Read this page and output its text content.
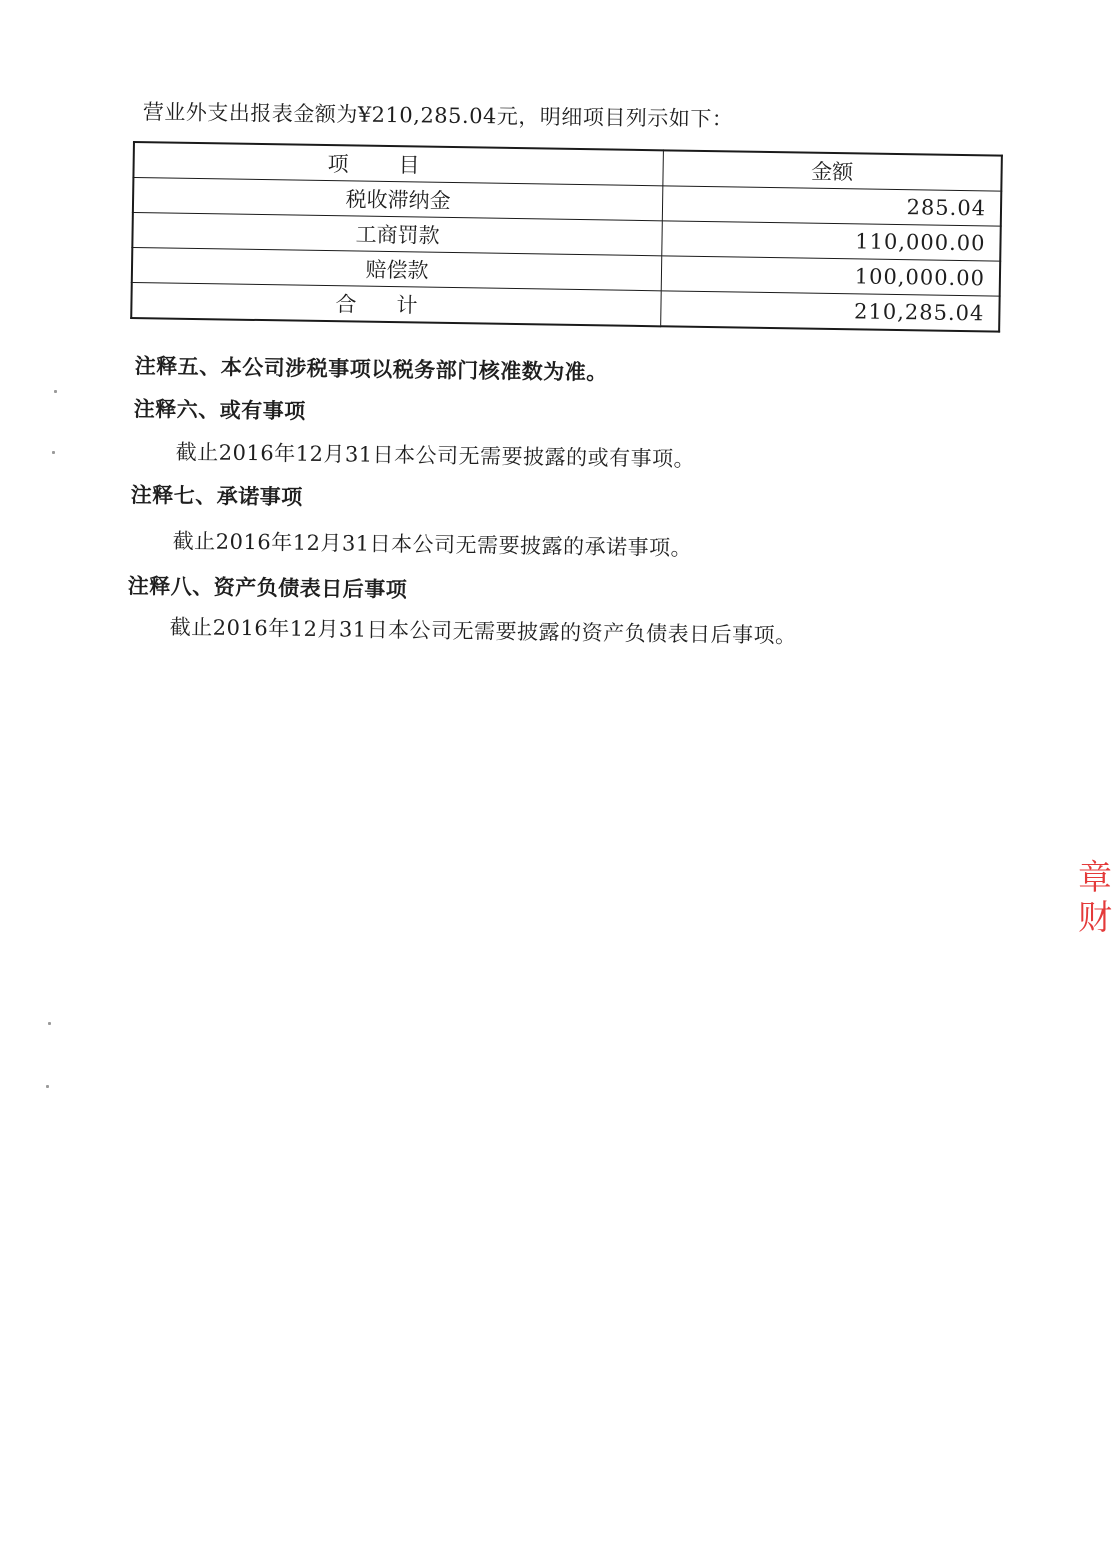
营业外支出报表金额为¥210,285.04元，明细项目列示如下：
项目	金额
税收滞纳金	285.04
工商罚款	110,000.00
赔偿款	100,000.00
合计	210,285.04
注释五、本公司涉税事项以税务部门核准数为准。
注释六、或有事项
截止2016年12月31日本公司无需要披露的或有事项。
注释七、承诺事项
截止2016年12月31日本公司无需要披露的承诺事项。
注释八、资产负债表日后事项
截止2016年12月31日本公司无需要披露的资产负债表日后事项。
章
财
